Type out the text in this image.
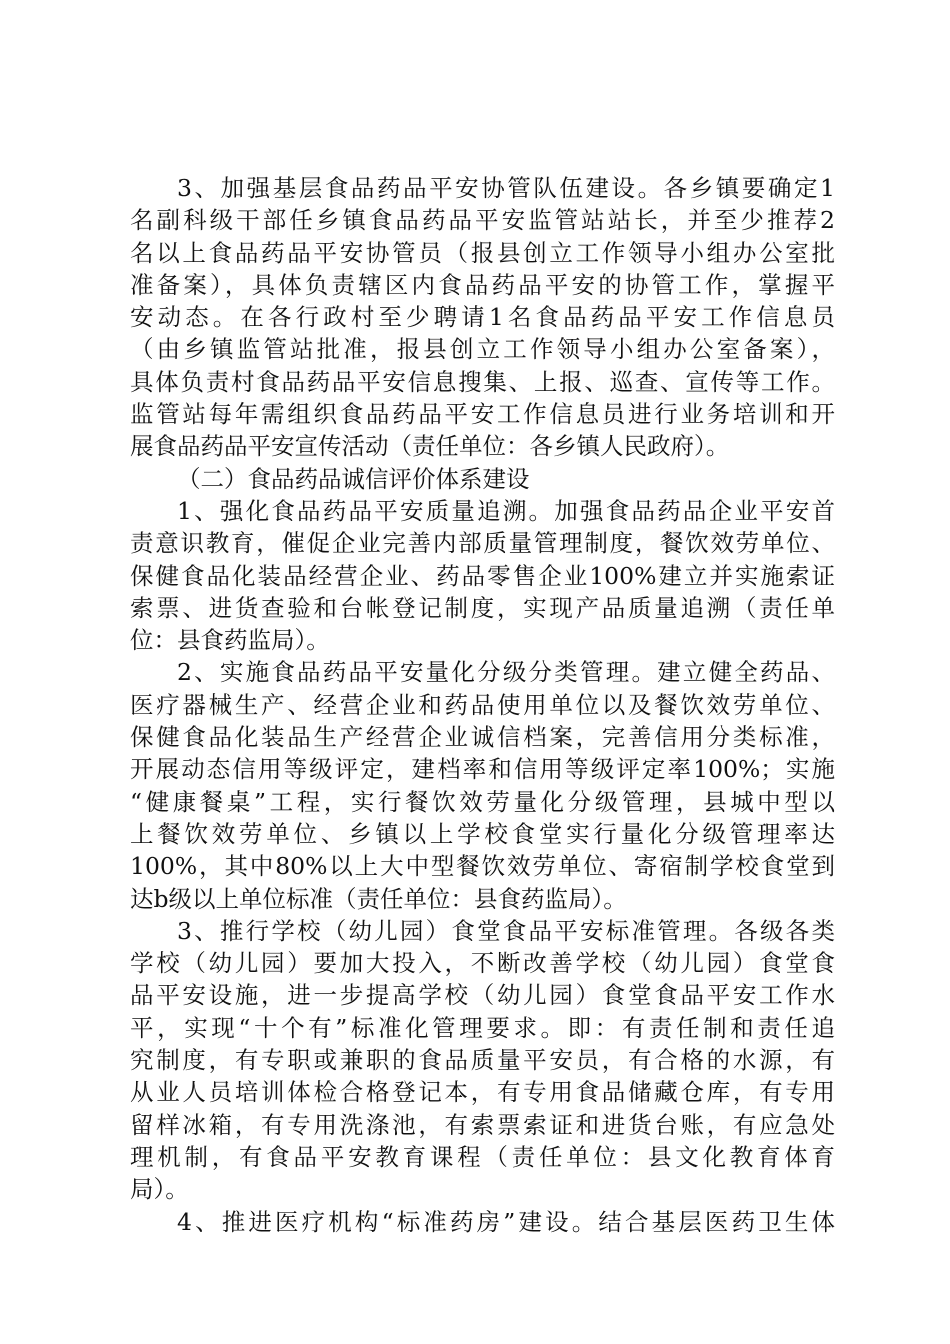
3、加强基层食品药品平安协管队伍建设。各乡镇要确定1
名副科级干部任乡镇食品药品平安监管站站长，并至少推荐2
名以上食品药品平安协管员（报县创立工作领导小组办公室批
准备案），具体负责辖区内食品药品平安的协管工作，掌握平
安动态。在各行政村至少聘请1名食品药品平安工作信息员
（由乡镇监管站批准，报县创立工作领导小组办公室备案），
具体负责村食品药品平安信息搜集、上报、巡查、宣传等工作。
监管站每年需组织食品药品平安工作信息员进行业务培训和开
展食品药品平安宣传活动（责任单位：各乡镇人民政府）。
（二）食品药品诚信评价体系建设
1、强化食品药品平安质量追溯。加强食品药品企业平安首
责意识教育，催促企业完善内部质量管理制度，餐饮效劳单位、
保健食品化装品经营企业、药品零售企业100%建立并实施索证
索票、进货查验和台帐登记制度，实现产品质量追溯（责任单
位：县食药监局）。
2、实施食品药品平安量化分级分类管理。建立健全药品、
医疗器械生产、经营企业和药品使用单位以及餐饮效劳单位、
保健食品化装品生产经营企业诚信档案，完善信用分类标准，
开展动态信用等级评定，建档率和信用等级评定率100%；实施
“健康餐桌”工程，实行餐饮效劳量化分级管理，县城中型以
上餐饮效劳单位、乡镇以上学校食堂实行量化分级管理率达
100%，其中80%以上大中型餐饮效劳单位、寄宿制学校食堂到
达b级以上单位标准（责任单位：县食药监局）。
3、推行学校（幼儿园）食堂食品平安标准管理。各级各类
学校（幼儿园）要加大投入，不断改善学校（幼儿园）食堂食
品平安设施，进一步提高学校（幼儿园）食堂食品平安工作水
平，实现“十个有”标准化管理要求。即：有责任制和责任追
究制度，有专职或兼职的食品质量平安员，有合格的水源，有
从业人员培训体检合格登记本，有专用食品储藏仓库，有专用
留样冰箱，有专用洗涤池，有索票索证和进货台账，有应急处
理机制，有食品平安教育课程（责任单位：县文化教育体育
局）。
4、推进医疗机构“标准药房”建设。结合基层医药卫生体
